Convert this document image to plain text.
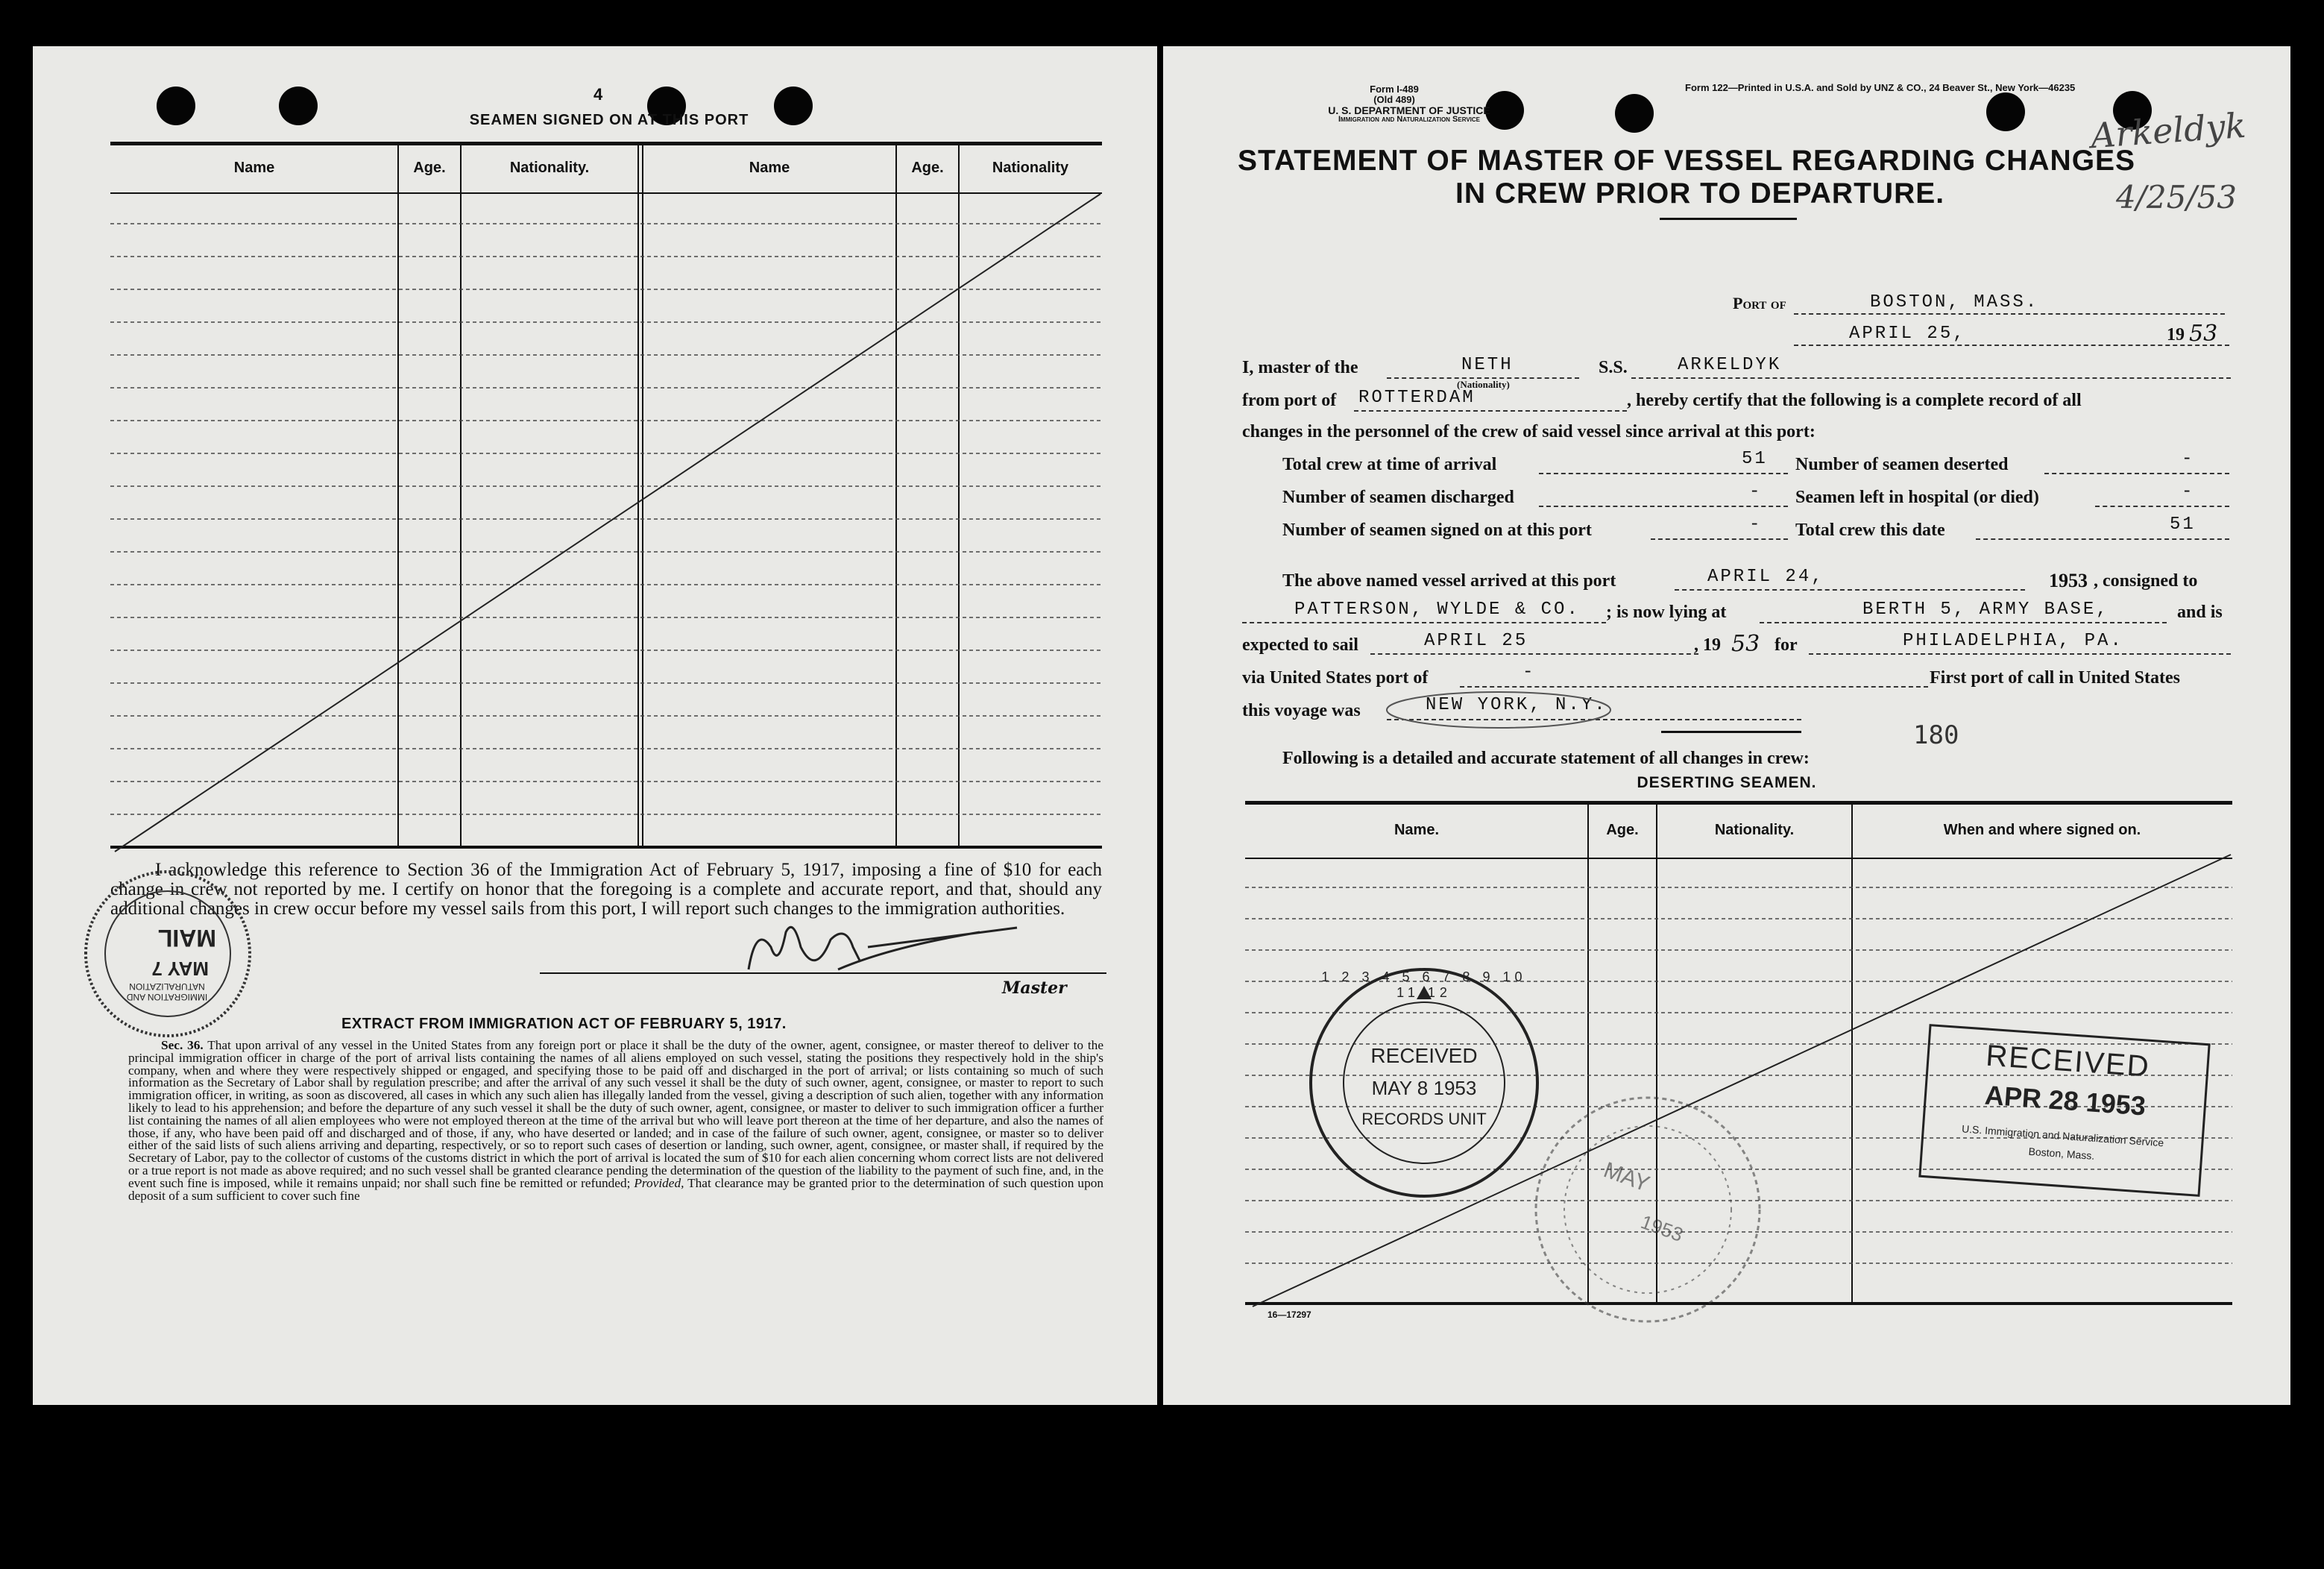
4
SEAMEN SIGNED ON AT THIS PORT
Name	Age.	Nationality.	Name	Age.	Nationality
I acknowledge this reference to Section 36 of the Immigration Act of February 5, 1917, imposing a fine of $10 for each change in crew not reported by me. I certify on honor that the foregoing is a complete and accurate report, and that, should any additional changes in crew occur before my vessel sails from this port, I will report such changes to the immigration authorities.
Master
EXTRACT FROM IMMIGRATION ACT OF FEBRUARY 5, 1917.
Sec. 36. That upon arrival of any vessel in the United States from any foreign port or place it shall be the duty of the owner, agent, consignee, or master thereof to deliver to the principal immigration officer in charge of the port of arrival lists containing the names of all aliens employed on such vessel, stating the positions they respectively hold in the ship's company, when and where they were respectively shipped or engaged, and specifying those to be paid off and discharged in the port of arrival; or lists containing so much of such information as the Secretary of Labor shall by regulation prescribe; and after the arrival of any such vessel it shall be the duty of such owner, agent, consignee, or master to report to such immigration officer, in writing, as soon as discovered, all cases in which any such alien has illegally landed from the vessel, giving a description of such alien, together with any information likely to lead to his apprehension; and before the departure of any such vessel it shall be the duty of such owner, agent, consignee, or master to deliver to such immigration officer a further list containing the names of all alien employees who were not employed thereon at the time of the arrival but who will leave port thereon at the time of her departure, and also the names of those, if any, who have been paid off and discharged and of those, if any, who have deserted or landed; and in case of the failure of such owner, agent, consignee, or master so to deliver either of the said lists of such aliens arriving and departing, respectively, or so to report such cases of desertion or landing, such owner, agent, consignee, or master shall, if required by the Secretary of Labor, pay to the collector of customs of the customs district in which the port of arrival is located the sum of $10 for each alien concerning whom correct lists are not delivered or a true report is not made as above required; and no such vessel shall be granted clearance pending the determination of the question of the liability to the payment of such fine, and, in the event such fine is imposed, while it remains unpaid; nor shall such fine be remitted or refunded; Provided, That clearance may be granted prior to the determination of such question upon deposit of a sum sufficient to cover such fine
MAIL
MAY 7
IMMIGRATION AND NATURALIZATION
Form I-489
(Old 489)
U. S. DEPARTMENT OF JUSTICE
Immigration and Naturalization Service
Form 122—Printed in U.S.A. and Sold by UNZ & CO., 24 Beaver St., New York—46235
Arkeldyk
4/25/53
STATEMENT OF MASTER OF VESSEL REGARDING CHANGES
IN CREW PRIOR TO DEPARTURE.
Port of	BOSTON, MASS.
APRIL 25,	19 53
I, master of the	NETH
(Nationality)
S.S.	ARKELDYK
from port of ROTTERDAM	, hereby certify that the following is a complete record of all
changes in the personnel of the crew of said vessel since arrival at this port:
Total crew at time of arrival	51 Number of seamen deserted	-
Number of seamen discharged	- Seamen left in hospital (or died)	-
Number of seamen signed on at this port	- Total crew this date	51
The above named vessel arrived at this port	APRIL 24,	1953 , consigned to
PATTERSON, WYLDE & CO. ; is now lying at	BERTH 5, ARMY BASE,	and is
expected to sail	APRIL 25	, 19 53 for	PHILADELPHIA, PA.
via United States port of	-	First port of call in United States
this voyage was	NEW YORK, N.Y.
180
Following is a detailed and accurate statement of all changes in crew:
DESERTING SEAMEN.
Name.	Age.	Nationality.	When and where signed on.
16—17297
1 2 3 4 5 6 7 8 9 10 11 12
RECEIVED
MAY 8 1953
RECORDS UNIT
RECEIVED
APR 28 1953
U.S. Immigration and Naturalization Service
Boston, Mass.
MAY
1953
